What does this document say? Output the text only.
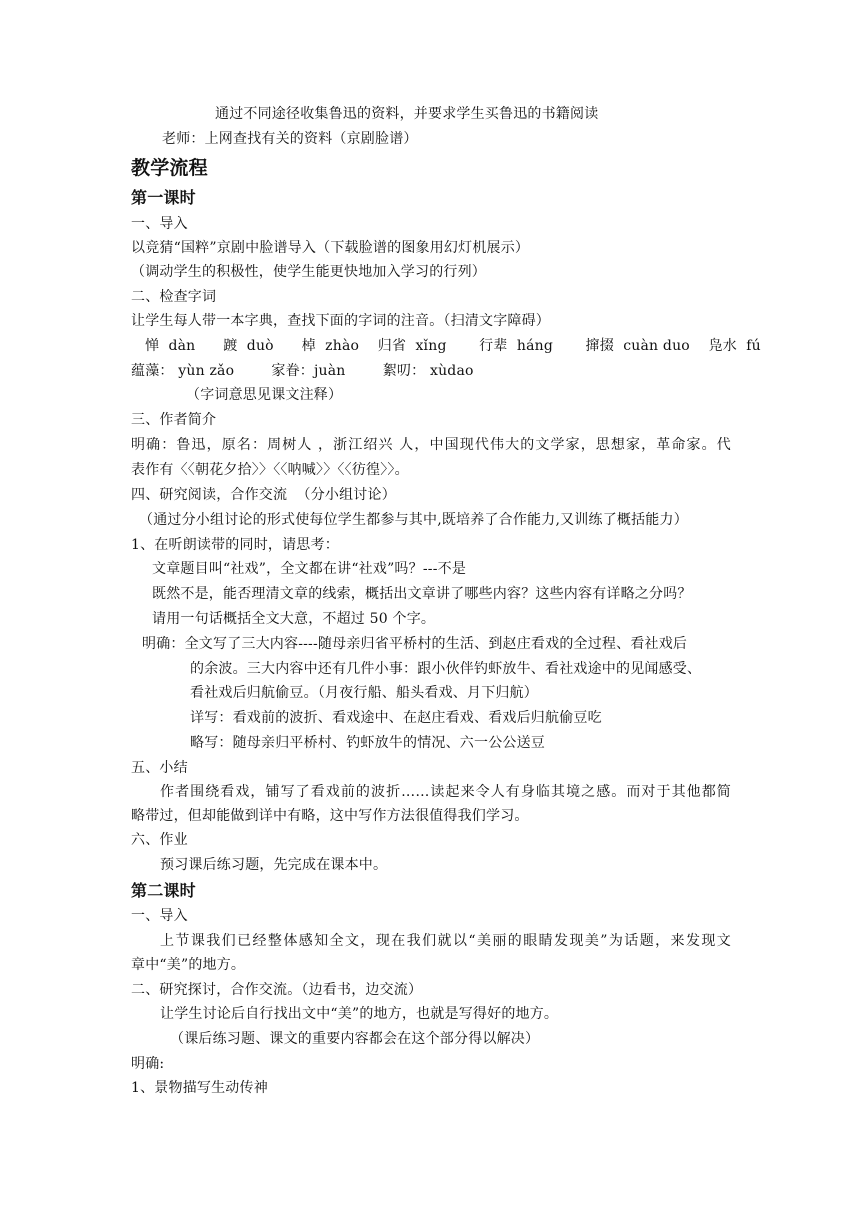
通过不同途径收集鲁迅的资料，并要求学生买鲁迅的书籍阅读
老师：上网查找有关的资料（京剧脸谱）
教学流程
第一课时
一、导入
以竞猜“国粹”京剧中脸谱导入（下载脸谱的图象用幻灯机展示）
（调动学生的积极性，使学生能更快地加入学习的行列）
二、检查字词
让学生每人带一本字典，查找下面的字词的注音。（扫清文字障碍）
惮  dàn      踱  duò      棹  zhào    归省  xǐng       行辈  háng       撺掇  cuàn duo    凫水  fú
蕴藻： yùn zǎo        家眷：juàn        絮叨： xùdao
（字词意思见课文注释）
三、作者简介
明确：鲁迅，原名：周树人 ，浙江绍兴 人，中国现代伟大的文学家，思想家，革命家。代
表作有〈〈朝花夕拾〉〉〈〈呐喊〉〉〈〈彷徨〉〉。
四、研究阅读，合作交流  （分小组讨论）
（通过分小组讨论的形式使每位学生都参与其中,既培养了合作能力,又训练了概括能力）
1、在听朗读带的同时，请思考：
文章题目叫“社戏”，全文都在讲“社戏”吗？---不是
既然不是，能否理清文章的线索，概括出文章讲了哪些内容？这些内容有详略之分吗？
请用一句话概括全文大意，不超过 50 个字。
明确：全文写了三大内容----随母亲归省平桥村的生活、到赵庄看戏的全过程、看社戏后
的余波。三大内容中还有几件小事：跟小伙伴钓虾放牛、看社戏途中的见闻感受、
看社戏后归航偷豆。（月夜行船、船头看戏、月下归航）
详写：看戏前的波折、看戏途中、在赵庄看戏、看戏后归航偷豆吃
略写：随母亲归平桥村、钓虾放牛的情况、六一公公送豆
五、小结
作者围绕看戏，铺写了看戏前的波折……读起来令人有身临其境之感。而对于其他都简
略带过，但却能做到详中有略，这中写作方法很值得我们学习。
六、作业
预习课后练习题，先完成在课本中。
第二课时
一、导入
上节课我们已经整体感知全文，现在我们就以“美丽的眼睛发现美”为话题，来发现文
章中“美”的地方。
二、研究探讨，合作交流。（边看书，边交流）
让学生讨论后自行找出文中“美”的地方，也就是写得好的地方。
（课后练习题、课文的重要内容都会在这个部分得以解决）
明确:
1、景物描写生动传神
